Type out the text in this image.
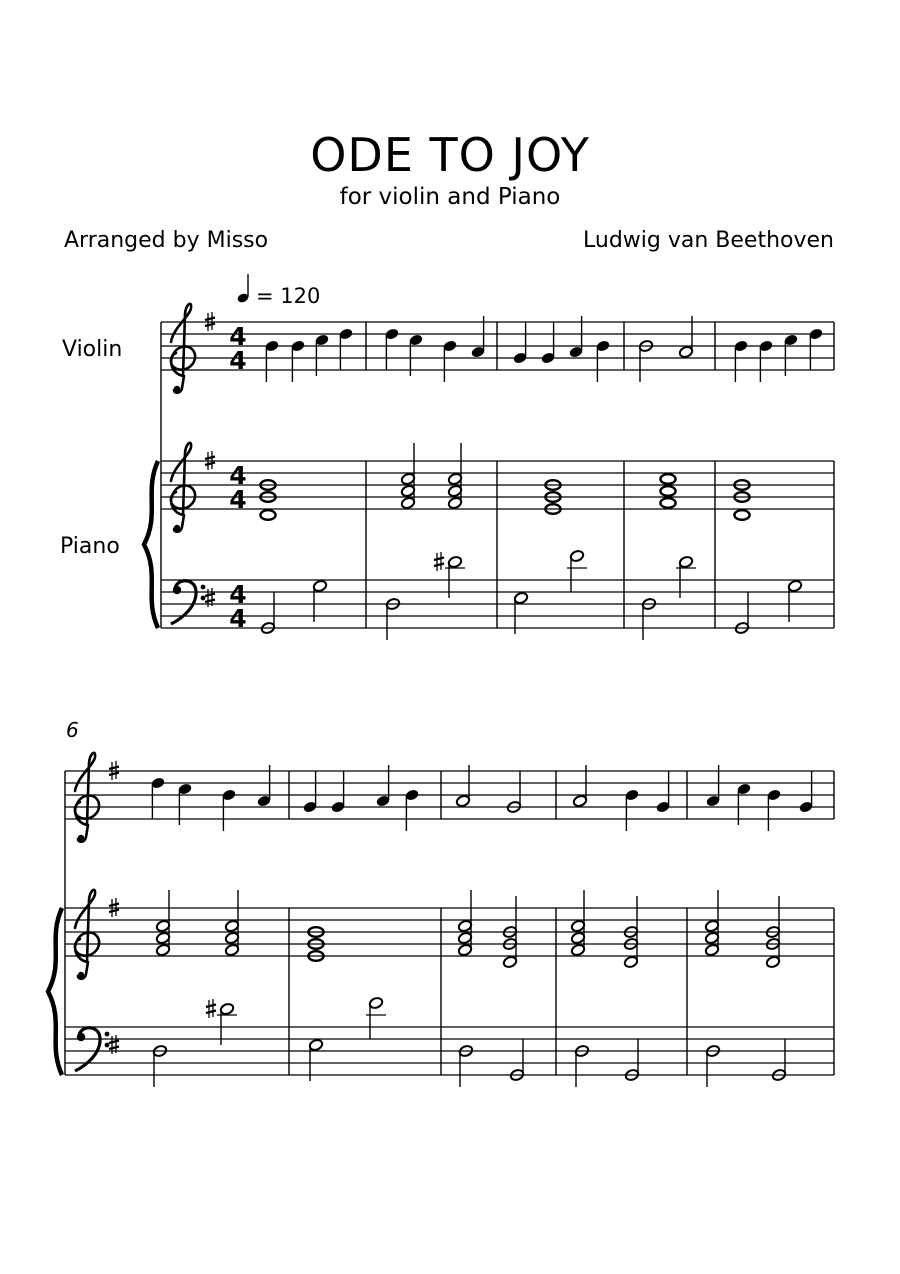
ODE TO JOY
for violin and Piano
Arranged by Misso	Ludwig van Beethoven
= 120
Violin
Piano
6
4
4
4
4
4
4
